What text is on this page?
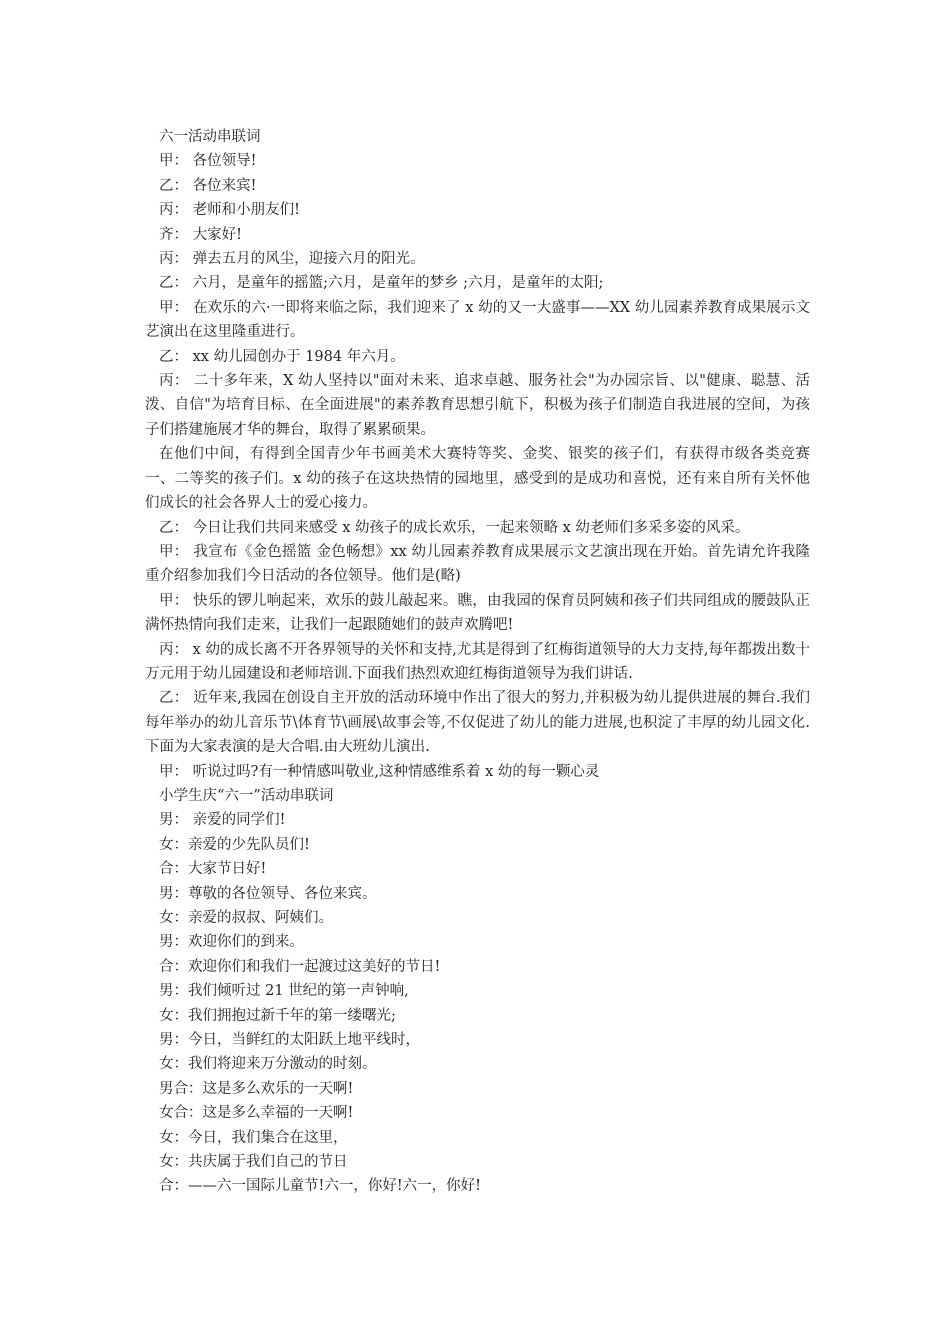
六一活动串联词

甲： 各位领导!

乙： 各位来宾!

丙： 老师和小朋友们!

齐： 大家好!

丙： 弹去五月的风尘，迎接六月的阳光。

乙： 六月，是童年的摇篮;六月，是童年的梦乡 ;六月，是童年的太阳;

甲： 在欢乐的六·一即将来临之际，我们迎来了 x 幼的又一大盛事——XX 幼儿园素养教育成果展示文艺演出在这里隆重进行。

乙： xx 幼儿园创办于 1984 年六月。

丙： 二十多年来，X 幼人坚持以"面对未来、追求卓越、服务社会"为办园宗旨、以"健康、聪慧、活泼、自信"为培育目标、在全面进展"的素养教育思想引航下，积极为孩子们制造自我进展的空间，为孩子们搭建施展才华的舞台，取得了累累硕果。

在他们中间，有得到全国青少年书画美术大赛特等奖、金奖、银奖的孩子们，有获得市级各类竞赛一、二等奖的孩子们。x 幼的孩子在这块热情的园地里，感受到的是成功和喜悦，还有来自所有关怀他们成长的社会各界人士的爱心接力。

乙： 今日让我们共同来感受 x 幼孩子的成长欢乐，一起来领略 x 幼老师们多采多姿的风采。

甲： 我宣布《金色摇篮 金色畅想》xx 幼儿园素养教育成果展示文艺演出现在开始。首先请允许我隆重介绍参加我们今日活动的各位领导。他们是(略)

甲： 快乐的锣儿响起来，欢乐的鼓儿敲起来。瞧，由我园的保育员阿姨和孩子们共同组成的腰鼓队正满怀热情向我们走来，让我们一起跟随她们的鼓声欢腾吧!

丙： x 幼的成长离不开各界领导的关怀和支持,尤其是得到了红梅街道领导的大力支持,每年都拨出数十万元用于幼儿园建设和老师培训.下面我们热烈欢迎红梅街道领导为我们讲话.

乙： 近年来,我园在创设自主开放的活动环境中作出了很大的努力,并积极为幼儿提供进展的舞台.我们每年举办的幼儿音乐节\体育节\画展\故事会等,不仅促进了幼儿的能力进展,也积淀了丰厚的幼儿园文化.下面为大家表演的是大合唱.由大班幼儿演出.

甲： 听说过吗?有一种情感叫敬业,这种情感维系着 x 幼的每一颗心灵

小学生庆“六一”活动串联词

男： 亲爱的同学们!

女：亲爱的少先队员们!

合：大家节日好!

男：尊敬的各位领导、各位来宾。

女：亲爱的叔叔、阿姨们。

男：欢迎你们的到来。

合：欢迎你们和我们一起渡过这美好的节日!

男：我们倾听过 21 世纪的第一声钟响,

女：我们拥抱过新千年的第一缕曙光;

男：今日，当鲜红的太阳跃上地平线时，

女：我们将迎来万分激动的时刻。

男合：这是多么欢乐的一天啊!

女合：这是多么幸福的一天啊!

女：今日，我们集合在这里，

女：共庆属于我们自己的节日

合：——六一国际儿童节!六一，你好!六一，你好!
